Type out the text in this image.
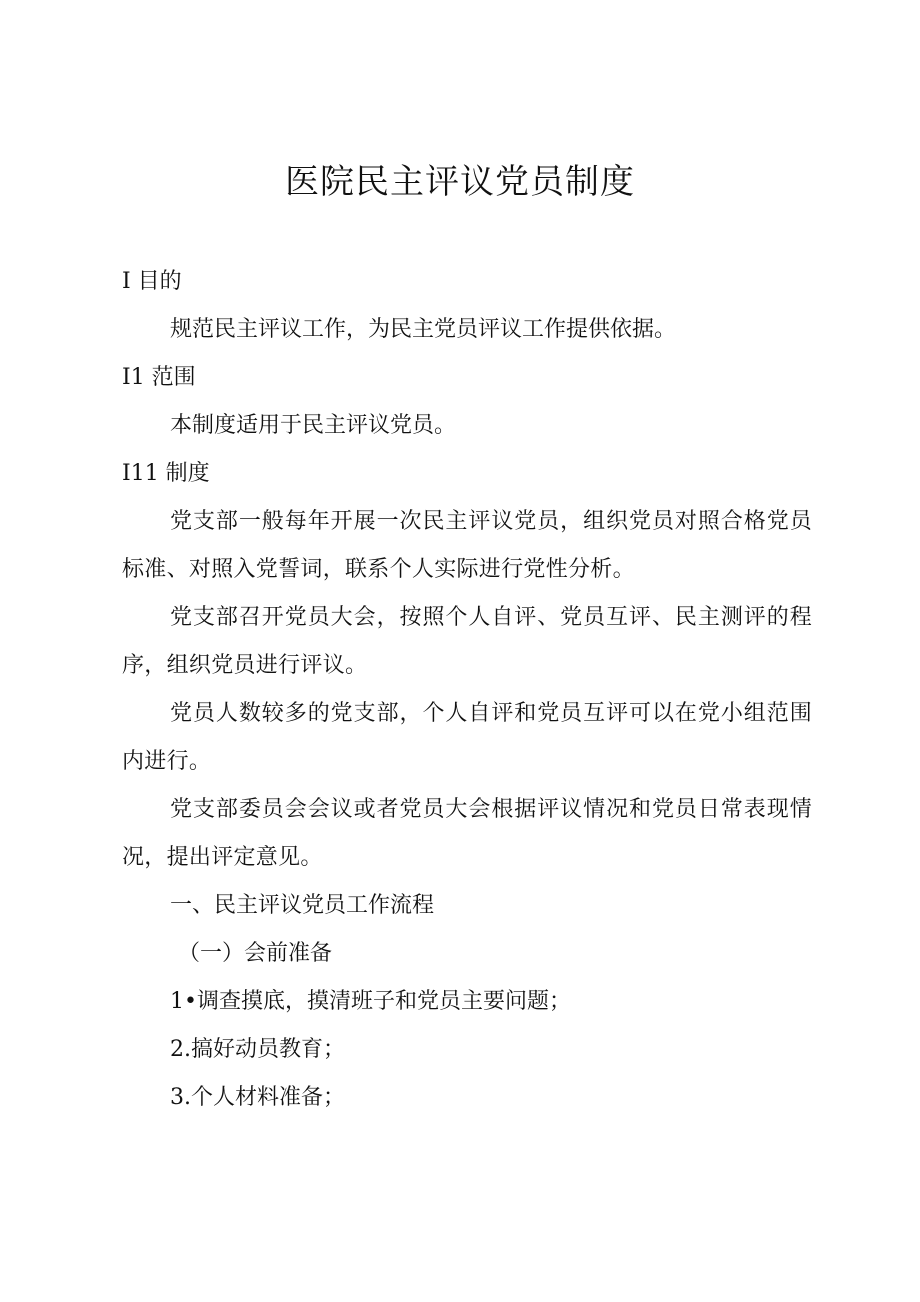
医院民主评议党员制度
I 目的
规范民主评议工作，为民主党员评议工作提供依据。
I1 范围
本制度适用于民主评议党员。
I11 制度
党支部一般每年开展一次民主评议党员，组织党员对照合格党员标准、对照入党誓词，联系个人实际进行党性分析。
党支部召开党员大会，按照个人自评、党员互评、民主测评的程序，组织党员进行评议。
党员人数较多的党支部，个人自评和党员互评可以在党小组范围内进行。
党支部委员会会议或者党员大会根据评议情况和党员日常表现情况，提出评定意见。
一、民主评议党员工作流程
（一）会前准备
1•调查摸底，摸清班子和党员主要问题；
2.搞好动员教育；
3.个人材料准备；
